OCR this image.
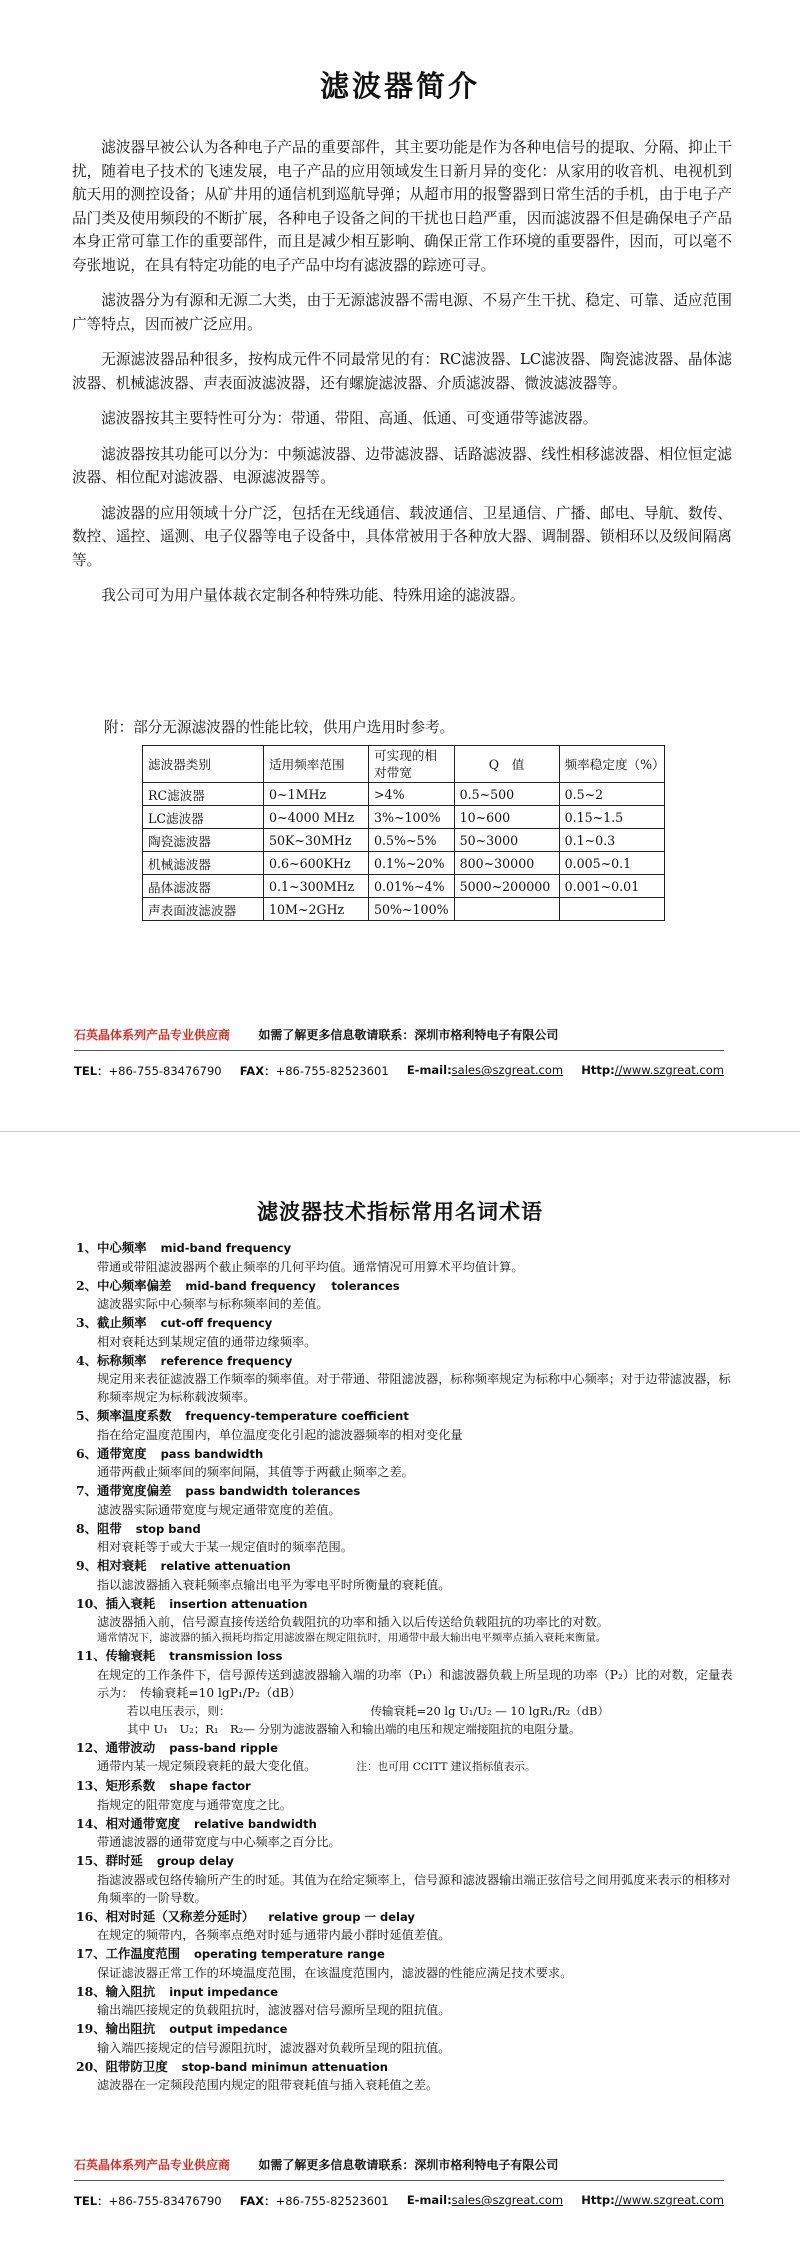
滤波器简介

滤波器早被公认为各种电子产品的重要部件，其主要功能是作为各种电信号的提取、分隔、抑止干扰，随着电子技术的飞速发展，电子产品的应用领域发生日新月异的变化：从家用的收音机、电视机到航天用的测控设备；从矿井用的通信机到巡航导弹；从超市用的报警器到日常生活的手机，由于电子产品门类及使用频段的不断扩展，各种电子设备之间的干扰也日趋严重，因而滤波器不但是确保电子产品本身正常可靠工作的重要部件，而且是减少相互影响、确保正常工作环境的重要器件，因而，可以毫不夸张地说，在具有特定功能的电子产品中均有滤波器的踪迹可寻。

滤波器分为有源和无源二大类，由于无源滤波器不需电源、不易产生干扰、稳定、可靠、适应范围广等特点，因而被广泛应用。

无源滤波器品种很多，按构成元件不同最常见的有：RC滤波器、LC滤波器、陶瓷滤波器、晶体滤波器、机械滤波器、声表面波滤波器，还有螺旋滤波器、介质滤波器、微波滤波器等。

滤波器按其主要特性可分为：带通、带阻、高通、低通、可变通带等滤波器。

滤波器按其功能可以分为：中频滤波器、边带滤波器、话路滤波器、线性相移滤波器、相位恒定滤波器、相位配对滤波器、电源滤波器等。

滤波器的应用领域十分广泛，包括在无线通信、载波通信、卫星通信、广播、邮电、导航、数传、数控、遥控、遥测、电子仪器等电子设备中，具体常被用于各种放大器、调制器、锁相环以及级间隔离等。

我公司可为用户量体裁衣定制各种特殊功能、特殊用途的滤波器。

附：部分无源滤波器的性能比较，供用户选用时参考。
滤波器类别	适用频率范围	可实现的相对带宽	Q　值	频率稳定度（%）
RC滤波器	0~1MHz	>4%	0.5~500	0.5~2
LC滤波器	0~4000 MHz	3%~100%	10~600	0.15~1.5
陶瓷滤波器	50K~30MHz	0.5%~5%	50~3000	0.1~0.3
机械滤波器	0.6~600KHz	0.1%~20%	800~30000	0.005~0.1
晶体滤波器	0.1~300MHz	0.01%~4%	5000~200000	0.001~0.01
声表面波滤波器	10M~2GHz	50%~100%		
石英晶体系列产品专业供应商 如需了解更多信息敬请联系：深圳市格利特电子有限公司
TEL：+86-755-83476790 FAX：+86-755-82523601 E-mail:sales@szgreat.com Http://www.szgreat.com
滤波器技术指标常用名词术语
1、中心频率 mid-band frequency
带通或带阻滤波器两个截止频率的几何平均值。通常情况可用算术平均值计算。
2、中心频率偏差 mid-band frequency　 tolerances
滤波器实际中心频率与标称频率间的差值。
3、截止频率 cut-off frequency
相对衰耗达到某规定值的通带边缘频率。
4、标称频率 reference frequency
规定用来表征滤波器工作频率的频率值。对于带通、带阻滤波器，标称频率规定为标称中心频率；对于边带滤波器，标称频率规定为标称载波频率。
5、频率温度系数 frequency-temperature coefficient
指在给定温度范围内，单位温度变化引起的滤波器频率的相对变化量
6、通带宽度 pass bandwidth
通带两截止频率间的频率间隔，其值等于两截止频率之差。
7、通带宽度偏差 pass bandwidth tolerances
滤波器实际通带宽度与规定通带宽度的差值。
8、阻带 stop band
相对衰耗等于或大于某一规定值时的频率范围。
9、相对衰耗 relative attenuation
指以滤波器插入衰耗频率点输出电平为零电平时所衡量的衰耗值。
10、插入衰耗 insertion attenuation
滤波器插入前，信号源直接传送给负载阻抗的功率和插入以后传送给负载阻抗的功率比的对数。
通常情况下，滤波器的插入损耗均指定用滤波器在规定阻抗时，用通带中最大输出电平频率点插入衰耗来衡量。
11、传输衰耗 transmission loss
在规定的工作条件下，信号源传送到滤波器输入端的功率（P₁）和滤波器负载上所呈现的功率（P₂）比的对数，定量表示为：　传输衰耗=10 lgP₁/P₂（dB）
若以电压表示，则：	传输衰耗=20 lg U₁/U₂ — 10 lgR₁/R₂（dB）
其中 U₁　U₂；R₁　R₂— 分别为滤波器输入和输出端的电压和规定端接阻抗的电阻分量。
12、通带波动 pass-band ripple
通带内某一规定频段衰耗的最大变化值。	注：也可用 CCITT 建议指标值表示。
13、矩形系数 shape factor
指规定的阻带宽度与通带宽度之比。
14、相对通带宽度 relative bandwidth
带通滤波器的通带宽度与中心频率之百分比。
15、群时延 group delay
指滤波器或包络传输所产生的时延。其值为在给定频率上，信号源和滤波器输出端正弦信号之间用弧度来表示的相移对角频率的一阶导数。
16、相对时延（又称差分延时） relative group 一 delay
在规定的频带内，各频率点绝对时延与通带内最小群时延值差值。
17、工作温度范围 operating temperature range
保证滤波器正常工作的环境温度范围，在该温度范围内，滤波器的性能应满足技术要求。
18、输入阻抗 input impedance
输出端匹接规定的负载阻抗时，滤波器对信号源所呈现的阻抗值。
19、输出阻抗 output impedance
输入端匹接规定的信号源阻抗时，滤波器对负载所呈现的阻抗值。
20、阻带防卫度 stop-band minimun attenuation
滤波器在一定频段范围内规定的阻带衰耗值与插入衰耗值之差。
石英晶体系列产品专业供应商 如需了解更多信息敬请联系：深圳市格利特电子有限公司
TEL：+86-755-83476790 FAX：+86-755-82523601 E-mail:sales@szgreat.com Http://www.szgreat.com
